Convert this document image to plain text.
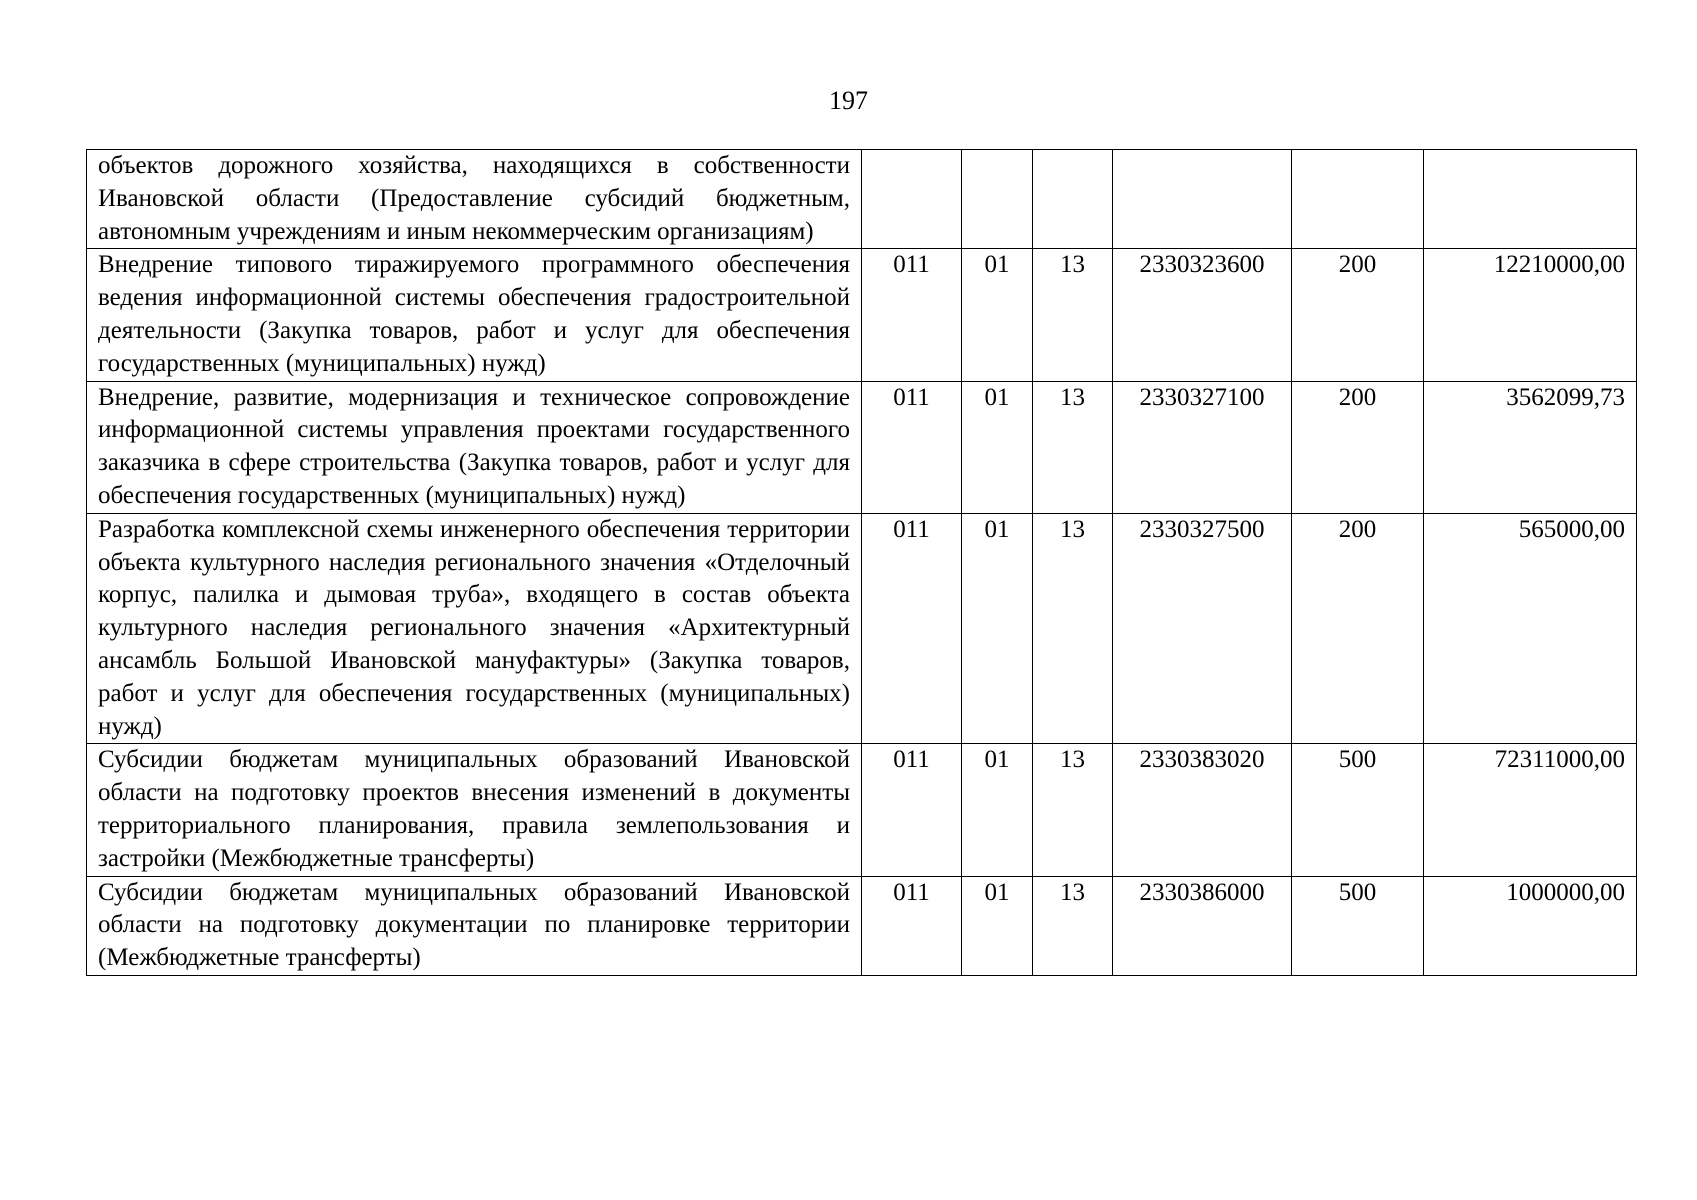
197
объектов дорожного хозяйства, находящихся в собственности Ивановской области (Предоставление субсидий бюджетным, автономным учреждениям и иным некоммерческим организациям)						
Внедрение типового тиражируемого программного обеспечения ведения информационной системы обеспечения градостроительной деятельности (Закупка товаров, работ и услуг для обеспечения государственных (муниципальных) нужд)	011	01	13	2330323600	200	12210000,00
Внедрение, развитие, модернизация и техническое сопровождение информационной системы управления проектами государственного заказчика в сфере строительства (Закупка товаров, работ и услуг для обеспечения государственных (муниципальных) нужд)	011	01	13	2330327100	200	3562099,73
Разработка комплексной схемы инженерного обеспечения территории объекта культурного наследия регионального значения «Отделочный корпус, палилка и дымовая труба», входящего в состав объекта культурного наследия регионального значения «Архитектурный ансамбль Большой Ивановской мануфактуры» (Закупка товаров, работ и услуг для обеспечения государственных (муниципальных) нужд)	011	01	13	2330327500	200	565000,00
Субсидии бюджетам муниципальных образований Ивановской области на подготовку проектов внесения изменений в документы территориального планирования, правила землепользования и застройки (Межбюджетные трансферты)	011	01	13	2330383020	500	72311000,00
Субсидии бюджетам муниципальных образований Ивановской области на подготовку документации по планировке территории (Межбюджетные трансферты)	011	01	13	2330386000	500	1000000,00
